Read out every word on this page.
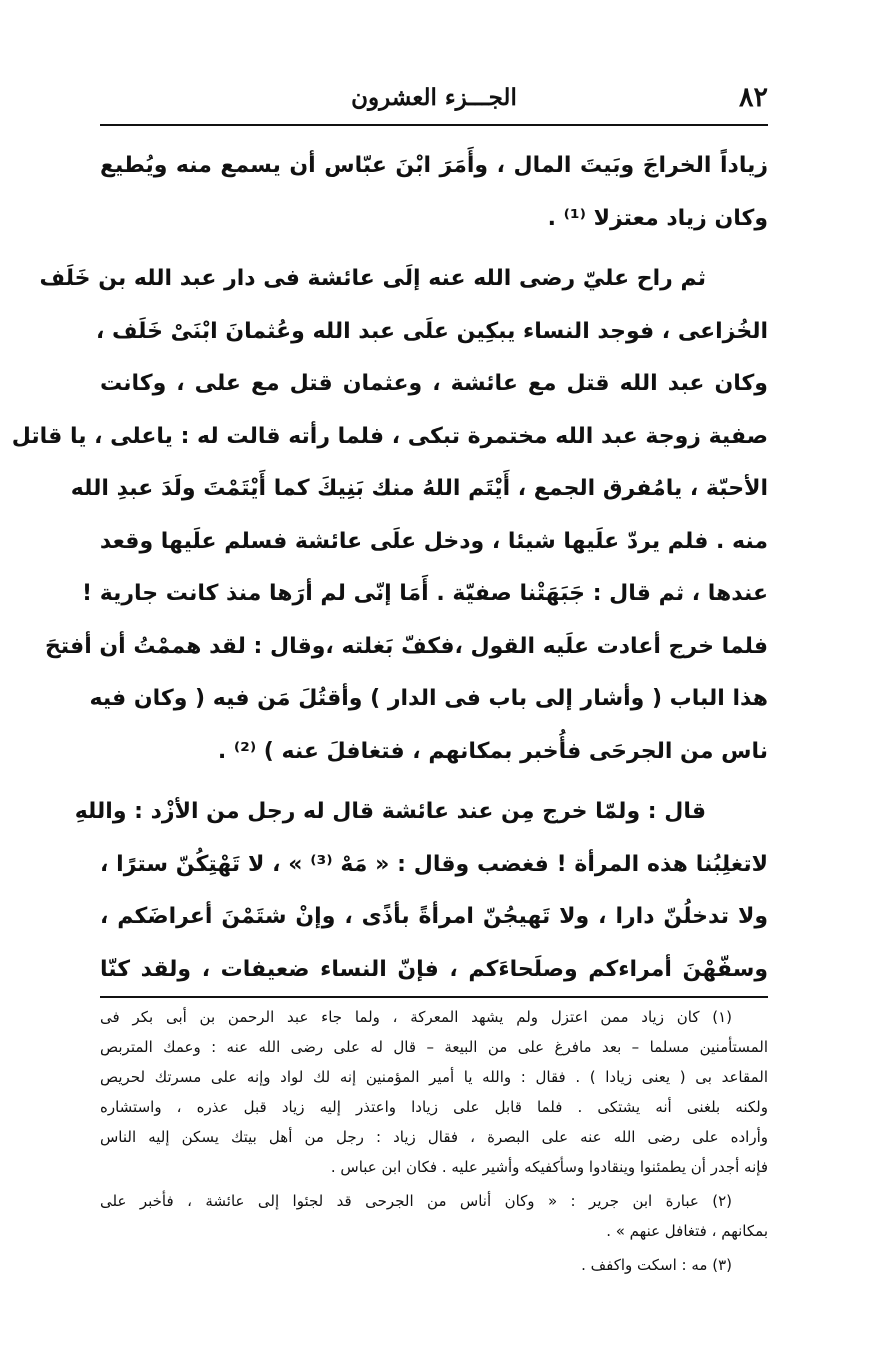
٨٢
الجـــزء العشرون
زياداً الخراجَ وبَيتَ المال ، وأَمَرَ ابْنَ عبّاس أن يسمع منه ويُطيع
وكان زياد معتزلا ⁽¹⁾ .
ثم راح عليّ رضى الله عنه إلَى عائشة فى دار عبد الله بن خَلَف
الخُزاعى ، فوجد النساء يبكِين علَى عبد الله وعُثمانَ ابْنَىْ خَلَف ،
وكان عبد الله قتل مع عائشة ، وعثمان قتل مع على ، وكانت
صفية زوجة عبد الله مختمرة تبكى ، فلما رأته قالت له : ياعلى ، يا قاتل
الأحبّة ، يامُفرق الجمع ، أَيْتَم اللهُ منك بَنِيكَ كما أَيْتَمْتَ ولَدَ عبدِ الله
منه . فلم يردّ علَيها شيئا ، ودخل علَى عائشة فسلم علَيها وقعد
عندها ، ثم قال : جَبَهَتْنا صفيّة . أَمَا إنّى لم أرَها منذ كانت جارية !
فلما خرج أعادت علَيه القول ،فكفّ بَغلته ،وقال : لقد هممْتُ أن أفتحَ
هذا الباب ( وأشار إلى باب فى الدار ) وأقتُلَ مَن فيه ( وكان فيه
ناس من الجرحَى فأُخبر بمكانهم ، فتغافلَ عنه ) ⁽²⁾ .
قال : ولمّا خرج مِن عند عائشة قال له رجل من الأزْد : واللهِ
لاتغلِبُنا هذه المرأة ! فغضب وقال : « مَهْ ⁽³⁾ » ، لا تَهْتِكُنّ سترًا ،
ولا تدخلُنّ دارا ، ولا تَهيجُنّ امرأةً بأذًى ، وإنْ شتَمْنَ أعراضَكم ،
وسفّهْنَ أمراءكم وصلَحاءَكم ، فإنّ النساء ضعيفات ، ولقد كنّا
(١) كان زياد ممن اعتزل ولم يشهد المعركة ، ولما جاء عبد الرحمن بن أبى بكر فى
المستأمنين مسلما – بعد مافرغ على من البيعة – قال له على رضى الله عنه : وعمك المتربص
المقاعد بى ( يعنى زيادا ) . فقال : والله يا أمير المؤمنين إنه لك لواد وإنه على مسرتك لحريص
ولكنه بلغنى أنه يشتكى . فلما قابل على زيادا واعتذر إليه زياد قبل عذره ، واستشاره
وأراده على رضى الله عنه على البصرة ، فقال زياد : رجل من أهل بيتك يسكن إليه الناس
فإنه أجدر أن يطمئنوا وينقادوا وسأكفيكه وأشير عليه . فكان ابن عباس .
(٢) عبارة ابن جرير : « وكان أناس من الجرحى قد لجئوا إلى عائشة ، فأخبر على
بمكانهم ، فتغافل عنهم » .
(٣) مه : اسكت واكفف .
